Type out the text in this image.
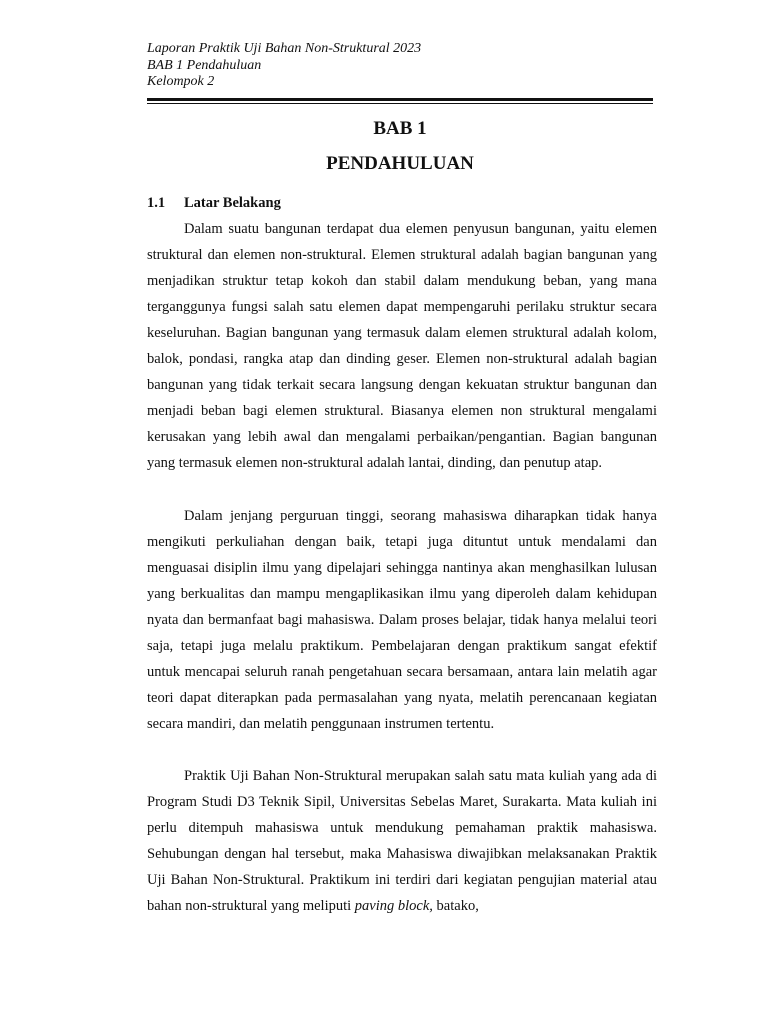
Laporan Praktik Uji Bahan Non-Struktural 2023
BAB 1 Pendahuluan
Kelompok 2
BAB 1
PENDAHULUAN
1.1 Latar Belakang

Dalam suatu bangunan terdapat dua elemen penyusun bangunan, yaitu elemen struktural dan elemen non-struktural. Elemen struktural adalah bagian bangunan yang menjadikan struktur tetap kokoh dan stabil dalam mendukung beban, yang mana terganggunya fungsi salah satu elemen dapat mempengaruhi perilaku struktur secara keseluruhan. Bagian bangunan yang termasuk dalam elemen struktural adalah kolom, balok, pondasi, rangka atap dan dinding geser. Elemen non-struktural adalah bagian bangunan yang tidak terkait secara langsung dengan kekuatan struktur bangunan dan menjadi beban bagi elemen struktural. Biasanya elemen non struktural mengalami kerusakan yang lebih awal dan mengalami perbaikan/pengantian. Bagian bangunan yang termasuk elemen non-struktural adalah lantai, dinding, dan penutup atap.

Dalam jenjang perguruan tinggi, seorang mahasiswa diharapkan tidak hanya mengikuti perkuliahan dengan baik, tetapi juga dituntut untuk mendalami dan menguasai disiplin ilmu yang dipelajari sehingga nantinya akan menghasilkan lulusan yang berkualitas dan mampu mengaplikasikan ilmu yang diperoleh dalam kehidupan nyata dan bermanfaat bagi mahasiswa. Dalam proses belajar, tidak hanya melalui teori saja, tetapi juga melalu praktikum. Pembelajaran dengan praktikum sangat efektif untuk mencapai seluruh ranah pengetahuan secara bersamaan, antara lain melatih agar teori dapat diterapkan pada permasalahan yang nyata, melatih perencanaan kegiatan secara mandiri, dan melatih penggunaan instrumen tertentu.

Praktik Uji Bahan Non-Struktural merupakan salah satu mata kuliah yang ada di Program Studi D3 Teknik Sipil, Universitas Sebelas Maret, Surakarta. Mata kuliah ini perlu ditempuh mahasiswa untuk mendukung pemahaman praktik mahasiswa. Sehubungan dengan hal tersebut, maka Mahasiswa diwajibkan melaksanakan Praktik Uji Bahan Non-Struktural. Praktikum ini terdiri dari kegiatan pengujian material atau bahan non-struktural yang meliputi paving block, batako,
